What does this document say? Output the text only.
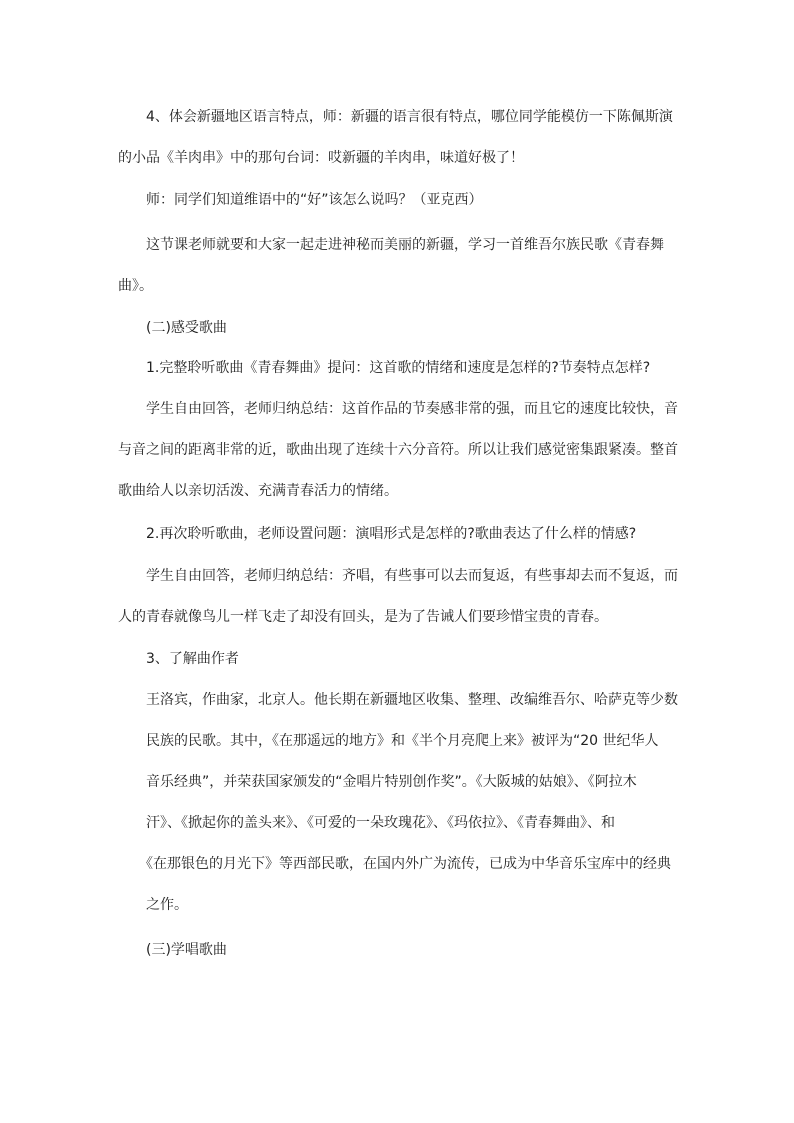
　　4、体会新疆地区语言特点，师：新疆的语言很有特点，哪位同学能模仿一下陈佩斯演
的小品《羊肉串》中的那句台词：哎新疆的羊肉串，味道好极了！
　　师：同学们知道维语中的“好”该怎么说吗？（亚克西）
　　这节课老师就要和大家一起走进神秘而美丽的新疆，学习一首维吾尔族民歌《青春舞
曲》。
　　(二)感受歌曲
　　1.完整聆听歌曲《青春舞曲》提问：这首歌的情绪和速度是怎样的?节奏特点怎样?
　　学生自由回答，老师归纳总结：这首作品的节奏感非常的强，而且它的速度比较快，音
与音之间的距离非常的近，歌曲出现了连续十六分音符。所以让我们感觉密集跟紧凑。整首
歌曲给人以亲切活泼、充满青春活力的情绪。
　　2.再次聆听歌曲，老师设置问题：演唱形式是怎样的?歌曲表达了什么样的情感?
　　学生自由回答，老师归纳总结：齐唱，有些事可以去而复返，有些事却去而不复返，而
人的青春就像鸟儿一样飞走了却没有回头，是为了告诫人们要珍惜宝贵的青春。
　　3、了解曲作者
　　王洛宾，作曲家，北京人。他长期在新疆地区收集、整理、改编维吾尔、哈萨克等少数
　　民族的民歌。其中，《在那遥远的地方》和《半个月亮爬上来》被评为“20 世纪华人
　　音乐经典”，并荣获国家颁发的“金唱片特别创作奖”。《大阪城的姑娘》、《阿拉木
　　汗》、《掀起你的盖头来》、《可爱的一朵玫瑰花》、《玛依拉》、《青春舞曲》、和
　　《在那银色的月光下》等西部民歌，在国内外广为流传，已成为中华音乐宝库中的经典
　　之作。
　　(三)学唱歌曲
